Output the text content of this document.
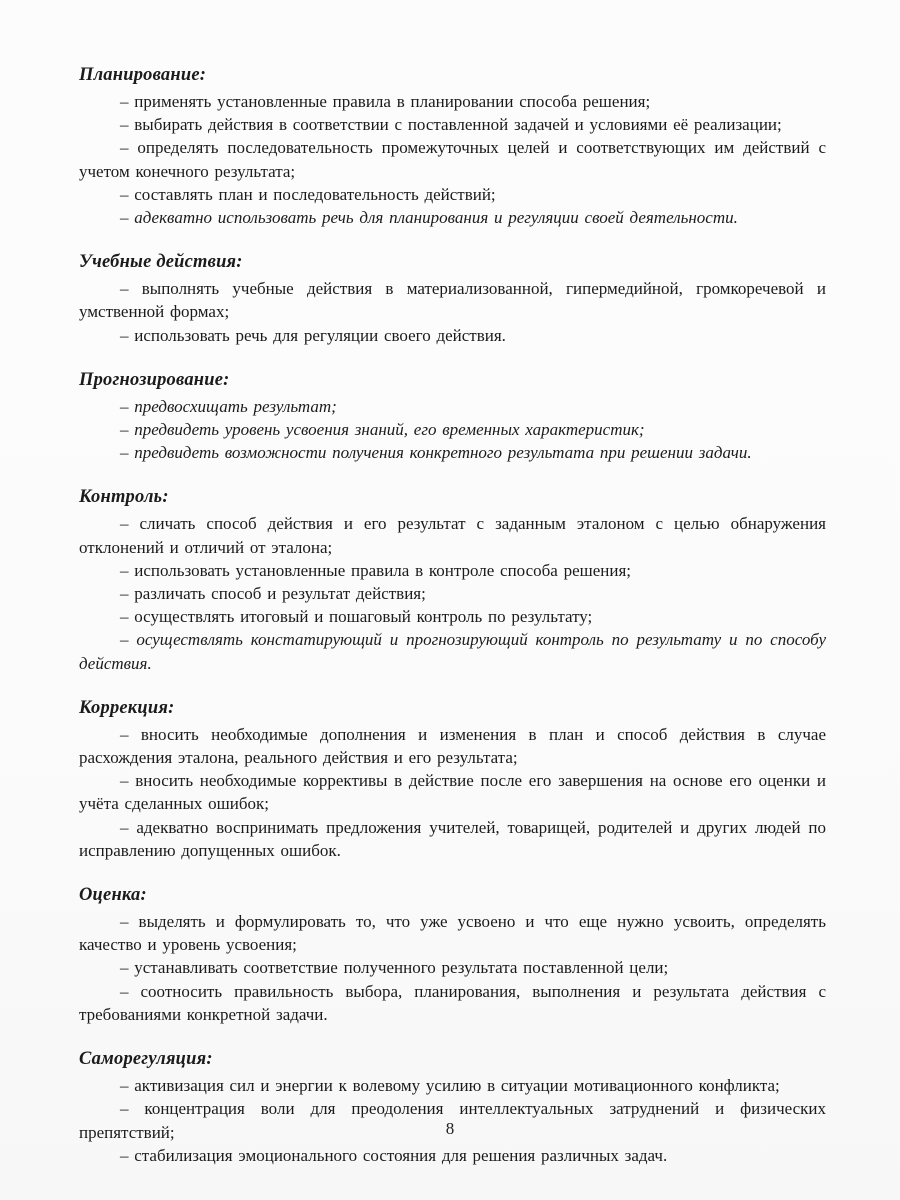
Планирование:

– применять установленные правила в планировании способа решения;

– выбирать действия в соответствии с поставленной задачей и условиями её реализации;

– определять последовательность промежуточных целей и соответствующих им действий с учетом конечного результата;

– составлять план и последовательность действий;

– адекватно использовать речь для планирования и регуляции своей деятельности.

Учебные действия:

– выполнять учебные действия в материализованной, гипермедийной, громкоречевой и умственной формах;

– использовать речь для регуляции своего действия.

Прогнозирование:

– предвосхищать результат;

– предвидеть уровень усвоения знаний, его временных характеристик;

– предвидеть возможности получения конкретного результата при решении задачи.

Контроль:

– сличать способ действия и его результат с заданным эталоном с целью обнаружения отклонений и отличий от эталона;

– использовать установленные правила в контроле способа решения;

– различать способ и результат действия;

– осуществлять итоговый и пошаговый контроль по результату;

– осуществлять констатирующий и прогнозирующий контроль по результату и по способу действия.

Коррекция:

– вносить необходимые дополнения и изменения в план и способ действия в случае расхождения эталона, реального действия и его результата;

– вносить необходимые коррективы в действие после его завершения на основе его оценки и учёта сделанных ошибок;

– адекватно воспринимать предложения учителей, товарищей, родителей и других людей по исправлению допущенных ошибок.

Оценка:

– выделять и формулировать то, что уже усвоено и что еще нужно усвоить, определять качество и уровень усвоения;

– устанавливать соответствие полученного результата поставленной цели;

– соотносить правильность выбора, планирования, выполнения и результата действия с требованиями конкретной задачи.

Саморегуляция:

– активизация сил и энергии к волевому усилию в ситуации мотивационного конфликта;

– концентрация воли для преодоления интеллектуальных затруднений и физических препятствий;

– стабилизация эмоционального состояния для решения различных задач.

8
